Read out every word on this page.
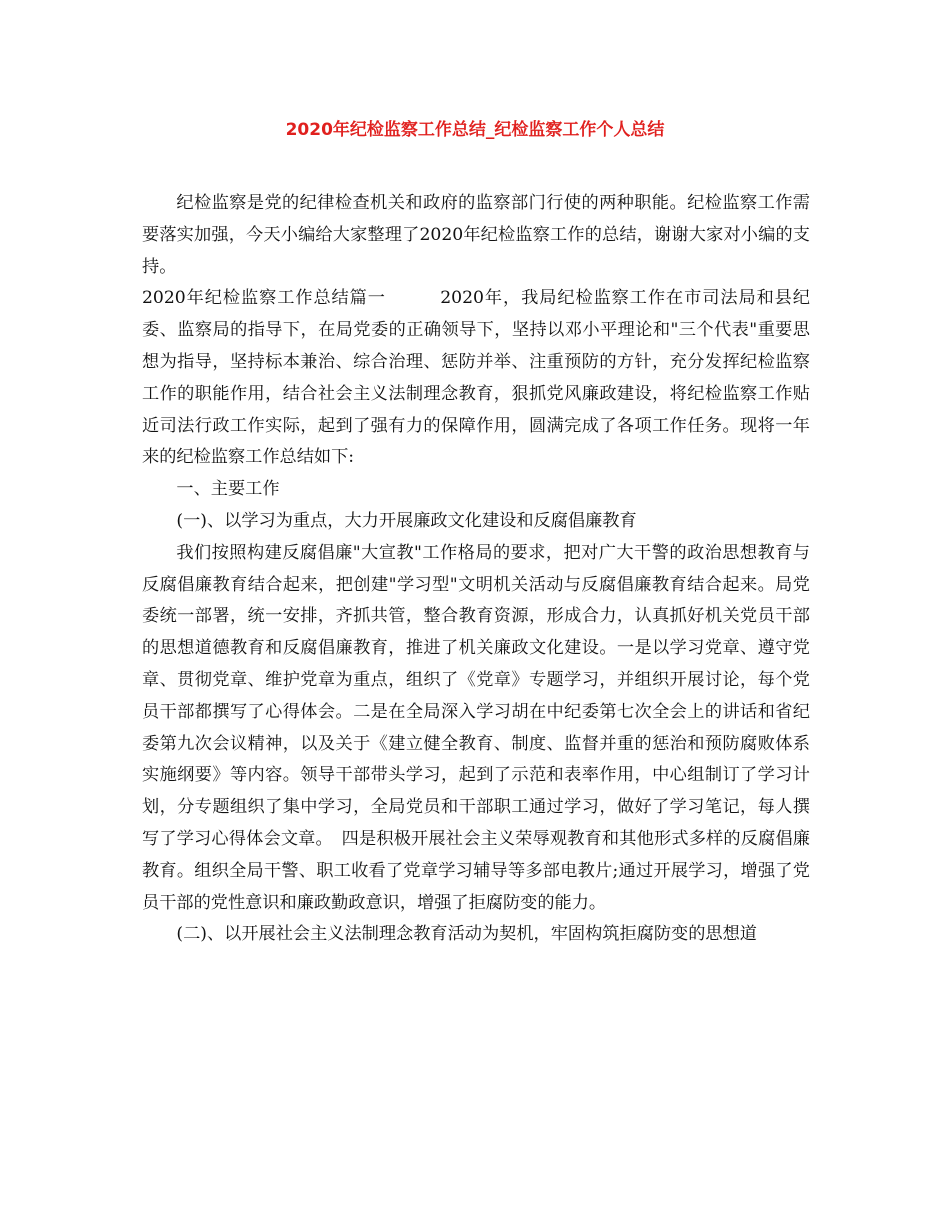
2020年纪检监察工作总结_纪检监察工作个人总结

纪检监察是党的纪律检查机关和政府的监察部门行使的两种职能。纪检监察工作需要落实加强，今天小编给大家整理了2020年纪检监察工作的总结，谢谢大家对小编的支持。

2020年纪检监察工作总结篇一　　　2020年，我局纪检监察工作在市司法局和县纪委、监察局的指导下，在局党委的正确领导下，坚持以邓小平理论和"三个代表"重要思想为指导，坚持标本兼治、综合治理、惩防并举、注重预防的方针，充分发挥纪检监察工作的职能作用，结合社会主义法制理念教育，狠抓党风廉政建设，将纪检监察工作贴近司法行政工作实际，起到了强有力的保障作用，圆满完成了各项工作任务。现将一年来的纪检监察工作总结如下:

一、主要工作

(一)、以学习为重点，大力开展廉政文化建设和反腐倡廉教育

我们按照构建反腐倡廉"大宣教"工作格局的要求，把对广大干警的政治思想教育与反腐倡廉教育结合起来，把创建"学习型"文明机关活动与反腐倡廉教育结合起来。局党委统一部署，统一安排，齐抓共管，整合教育资源，形成合力，认真抓好机关党员干部的思想道德教育和反腐倡廉教育，推进了机关廉政文化建设。一是以学习党章、遵守党章、贯彻党章、维护党章为重点，组织了《党章》专题学习，并组织开展讨论，每个党员干部都撰写了心得体会。二是在全局深入学习胡在中纪委第七次全会上的讲话和省纪委第九次会议精神，以及关于《建立健全教育、制度、监督并重的惩治和预防腐败体系实施纲要》等内容。领导干部带头学习，起到了示范和表率作用，中心组制订了学习计划，分专题组织了集中学习，全局党员和干部职工通过学习，做好了学习笔记，每人撰写了学习心得体会文章。　四是积极开展社会主义荣辱观教育和其他形式多样的反腐倡廉教育。组织全局干警、职工收看了党章学习辅导等多部电教片;通过开展学习，增强了党员干部的党性意识和廉政勤政意识，增强了拒腐防变的能力。

(二)、以开展社会主义法制理念教育活动为契机，牢固构筑拒腐防变的思想道
